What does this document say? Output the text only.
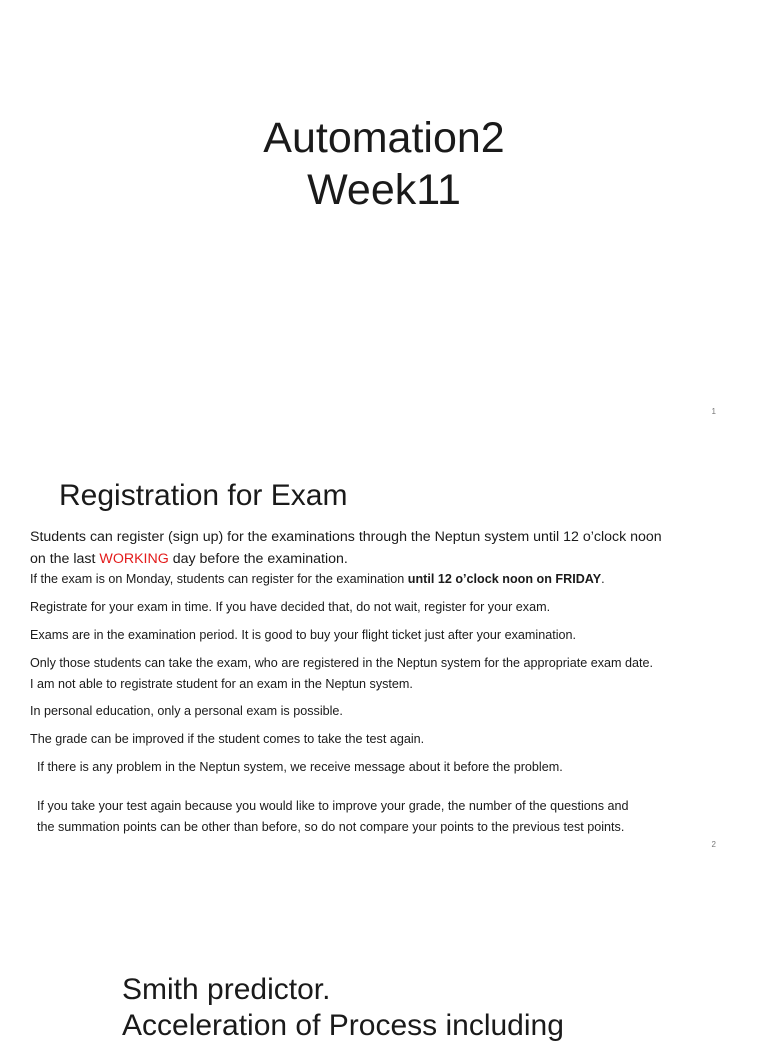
Automation2
Week11
1
Registration for Exam

Students can register (sign up) for the examinations through the Neptun system until 12 o’clock noon
on the last WORKING day before the examination.

If the exam is on Monday, students can register for the examination until 12 o’clock noon on FRIDAY.

Registrate for your exam in time. If you have decided that, do not wait, register for your exam.

Exams are in the examination period. It is good to buy your flight ticket just after your examination.

Only those students can take the exam, who are registered in the Neptun system for the appropriate exam date.
I am not able to registrate student for an exam in the Neptun system.

In personal education, only a personal exam is possible.

The grade can be improved if the student comes to take the test again.

If there is any problem in the Neptun system, we receive message about it before the problem.

If you take your test again because you would like to improve your grade, the number of the questions and
the summation points can be other than before, so do not compare your points to the previous test points.

2
Smith predictor.
Acceleration of Process including
